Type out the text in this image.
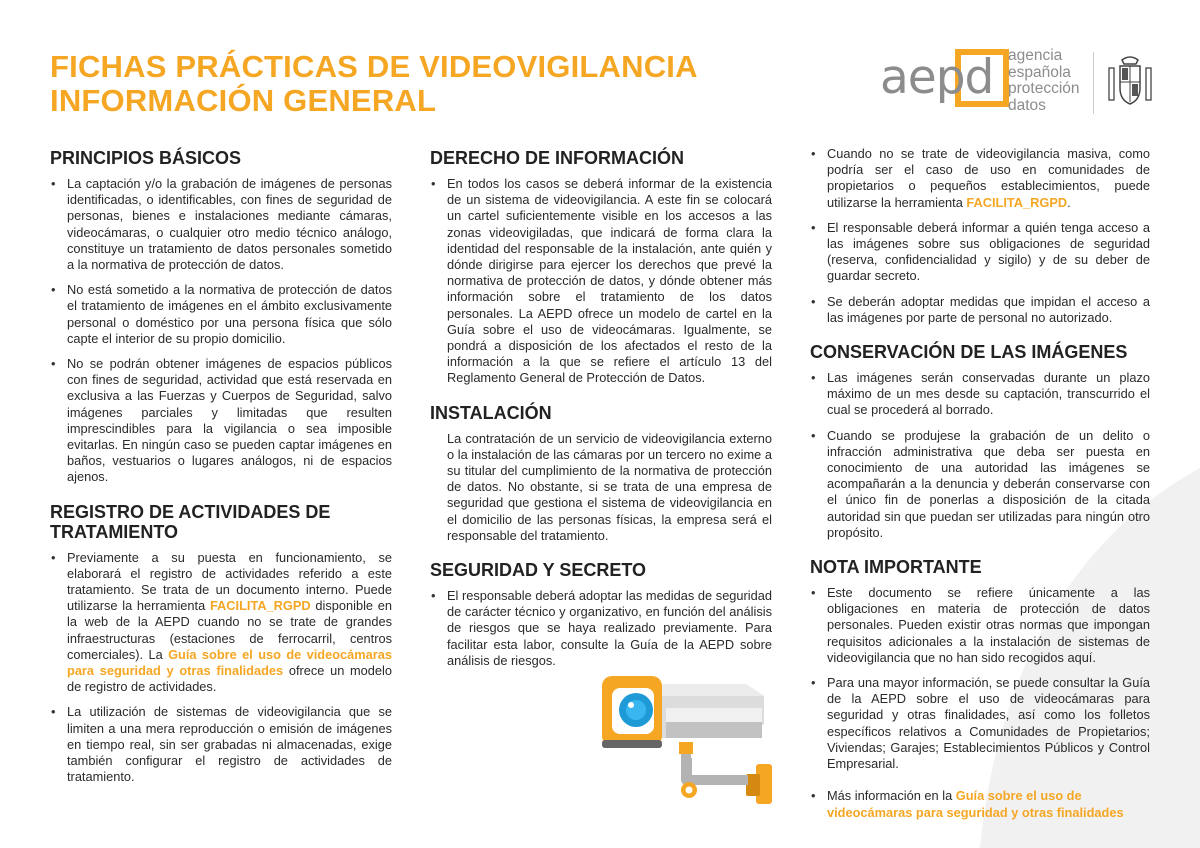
FICHAS PRÁCTICAS DE VIDEOVIGILANCIA
INFORMACIÓN GENERAL	aepd agencia
española
protección
datos
PRINCIPIOS BÁSICOS
• La captación y/o la grabación de imágenes de personas identificadas, o identificables, con fines de seguridad de personas, bienes e instalaciones mediante cámaras, videocámaras, o cualquier otro medio técnico análogo, constituye un tratamiento de datos personales sometido a la normativa de protección de datos.
• No está sometido a la normativa de protección de datos el tratamiento de imágenes en el ámbito exclusivamente personal o doméstico por una persona física que sólo capte el interior de su propio domicilio.
• No se podrán obtener imágenes de espacios públicos con fines de seguridad, actividad que está reservada en exclusiva a las Fuerzas y Cuerpos de Seguridad, salvo imágenes parciales y limitadas que resulten imprescindibles para la vigilancia o sea imposible evitarlas. En ningún caso se pueden captar imágenes en baños, vestuarios o lugares análogos, ni de espacios ajenos.
REGISTRO DE ACTIVIDADES DE TRATAMIENTO
• Previamente a su puesta en funcionamiento, se elaborará el registro de actividades referido a este tratamiento. Se trata de un documento interno. Puede utilizarse la herramienta FACILITA_RGPD disponible en la web de la AEPD cuando no se trate de grandes infraestructuras (estaciones de ferrocarril, centros comerciales). La Guía sobre el uso de videocámaras para seguridad y otras finalidades ofrece un modelo de registro de actividades.
• La utilización de sistemas de videovigilancia que se limiten a una mera reproducción o emisión de imágenes en tiempo real, sin ser grabadas ni almacenadas, exige también configurar el registro de actividades de tratamiento.
DERECHO DE INFORMACIÓN
• En todos los casos se deberá informar de la existencia de un sistema de videovigilancia. A este fin se colocará un cartel suficientemente visible en los accesos a las zonas videovigiladas, que indicará de forma clara la identidad del responsable de la instalación, ante quién y dónde dirigirse para ejercer los derechos que prevé la normativa de protección de datos, y dónde obtener más información sobre el tratamiento de los datos personales. La AEPD ofrece un modelo de cartel en la Guía sobre el uso de videocámaras. Igualmente, se pondrá a disposición de los afectados el resto de la información a la que se refiere el artículo 13 del Reglamento General de Protección de Datos.
INSTALACIÓN

La contratación de un servicio de videovigilancia externo o la instalación de las cámaras por un tercero no exime a su titular del cumplimiento de la normativa de protección de datos. No obstante, si se trata de una empresa de seguridad que gestiona el sistema de videovigilancia en el domicilio de las personas físicas, la empresa será el responsable del tratamiento.

SEGURIDAD Y SECRETO
• El responsable deberá adoptar las medidas de seguridad de carácter técnico y organizativo, en función del análisis de riesgos que se haya realizado previamente. Para facilitar esta labor, consulte la Guía de la AEPD sobre análisis de riesgos.
• Cuando no se trate de videovigilancia masiva, como podría ser el caso de uso en comunidades de propietarios o pequeños establecimientos, puede utilizarse la herramienta FACILITA_RGPD.
• El responsable deberá informar a quién tenga acceso a las imágenes sobre sus obligaciones de seguridad (reserva, confidencialidad y sigilo) y de su deber de guardar secreto.
• Se deberán adoptar medidas que impidan el acceso a las imágenes por parte de personal no autorizado.
CONSERVACIÓN DE LAS IMÁGENES
• Las imágenes serán conservadas durante un plazo máximo de un mes desde su captación, transcurrido el cual se procederá al borrado.
• Cuando se produjese la grabación de un delito o infracción administrativa que deba ser puesta en conocimiento de una autoridad las imágenes se acompañarán a la denuncia y deberán conservarse con el único fin de ponerlas a disposición de la citada autoridad sin que puedan ser utilizadas para ningún otro propósito.
NOTA IMPORTANTE
• Este documento se refiere únicamente a las obligaciones en materia de protección de datos personales. Pueden existir otras normas que impongan requisitos adicionales a la instalación de sistemas de videovigilancia que no han sido recogidos aquí.
• Para una mayor información, se puede consultar la Guía de la AEPD sobre el uso de videocámaras para seguridad y otras finalidades, así como los folletos específicos relativos a Comunidades de Propietarios; Viviendas; Garajes; Establecimientos Públicos y Control Empresarial.
• Más información en la Guía sobre el uso de videocámaras para seguridad y otras finalidades
